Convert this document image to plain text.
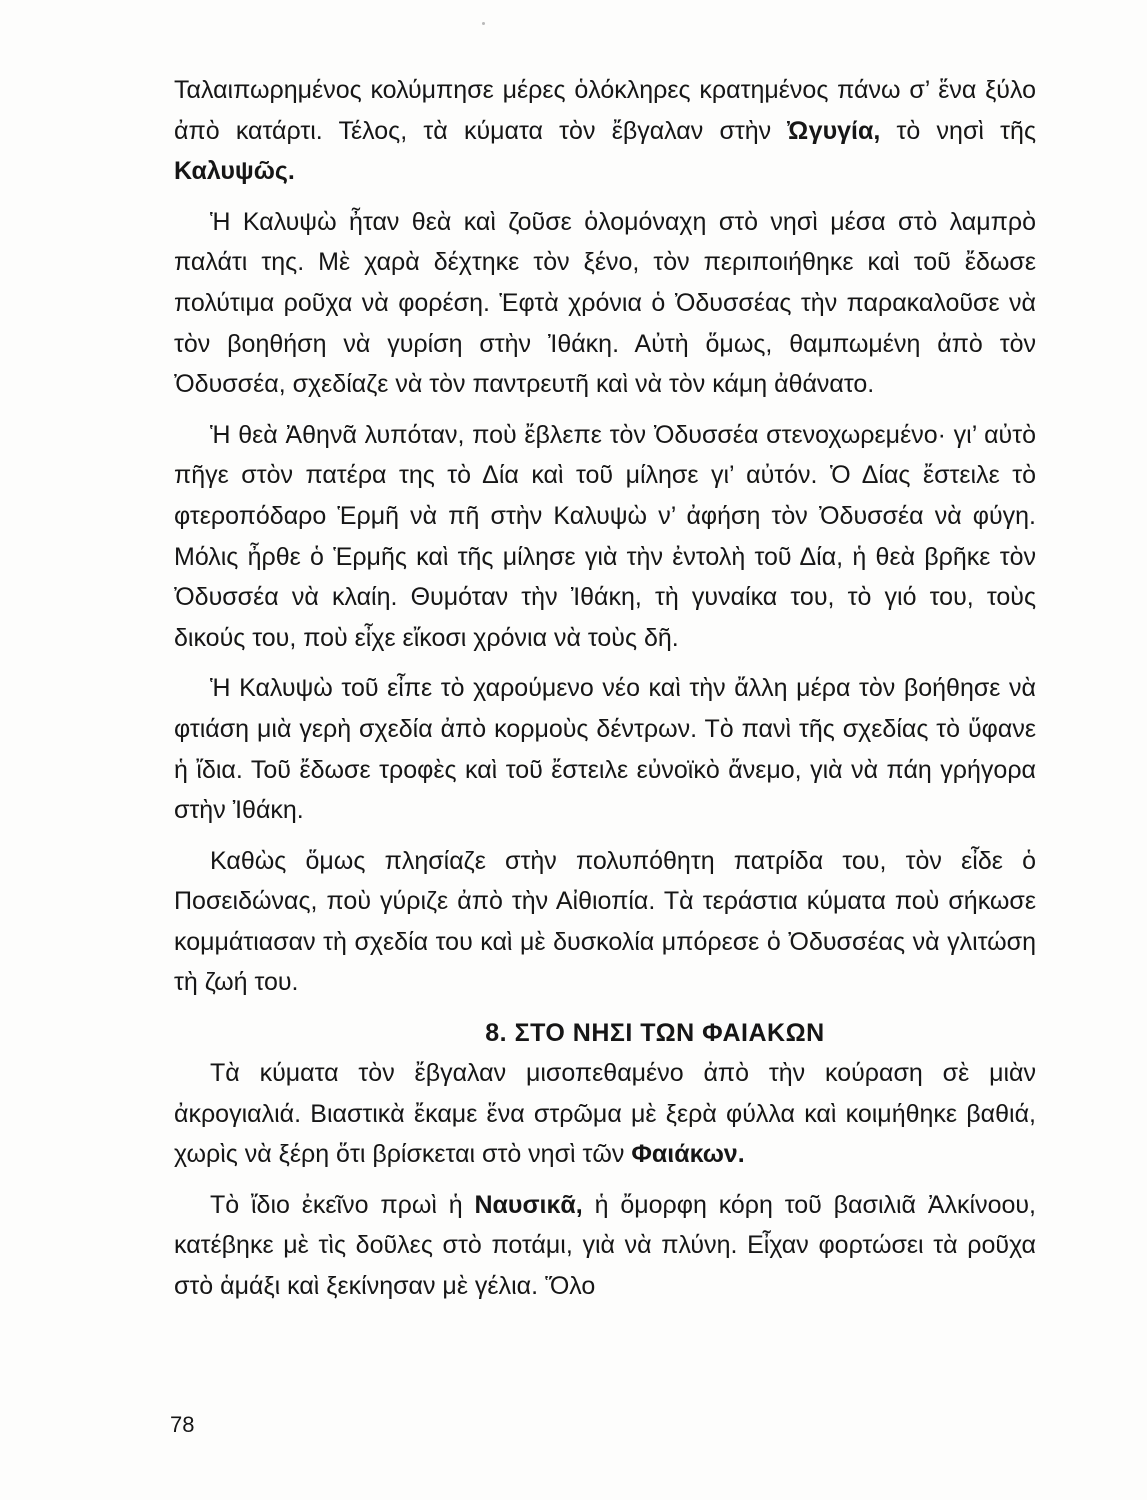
Ταλαιπωρημένος κολύμπησε μέρες ὁλόκληρες κρατημένος πάνω σ’ ἕνα ξύλο ἀπὸ κατάρτι. Τέλος, τὰ κύματα τὸν ἔβγαλαν στὴν Ὠγυγία, τὸ νησὶ τῆς Καλυψῶς.

Ἡ Καλυψὼ ἦταν θεὰ καὶ ζοῦσε ὁλομόναχη στὸ νησὶ μέσα στὸ λαμπρὸ παλάτι της. Μὲ χαρὰ δέχτηκε τὸν ξένο, τὸν περιποιήθηκε καὶ τοῦ ἔδωσε πολύτιμα ροῦχα νὰ φορέση. Ἑφτὰ χρόνια ὁ Ὀδυσσέας τὴν παρακαλοῦσε νὰ τὸν βοηθήση νὰ γυρίση στὴν Ἰθάκη. Αὐτὴ ὅμως, θαμπωμένη ἀπὸ τὸν Ὀδυσσέα, σχεδίαζε νὰ τὸν παντρευτῆ καὶ νὰ τὸν κάμη ἀθάνατο.

Ἡ θεὰ Ἀθηνᾶ λυπόταν, ποὺ ἔβλεπε τὸν Ὀδυσσέα στενοχωρεμένο· γι’ αὐτὸ πῆγε στὸν πατέρα της τὸ Δία καὶ τοῦ μίλησε γι’ αὐτόν. Ὁ Δίας ἔστειλε τὸ φτεροπόδαρο Ἑρμῆ νὰ πῆ στὴν Καλυψὼ ν’ ἀφήση τὸν Ὀδυσσέα νὰ φύγη. Μόλις ἦρθε ὁ Ἑρμῆς καὶ τῆς μίλησε γιὰ τὴν ἐντολὴ τοῦ Δία, ἡ θεὰ βρῆκε τὸν Ὀδυσσέα νὰ κλαίη. Θυμόταν τὴν Ἰθάκη, τὴ γυναίκα του, τὸ γιό του, τοὺς δικούς του, ποὺ εἶχε εἴκοσι χρόνια νὰ τοὺς δῆ.

Ἡ Καλυψὼ τοῦ εἶπε τὸ χαρούμενο νέο καὶ τὴν ἄλλη μέρα τὸν βοήθησε νὰ φτιάση μιὰ γερὴ σχεδία ἀπὸ κορμοὺς δέντρων. Τὸ πανὶ τῆς σχεδίας τὸ ὕφανε ἡ ἴδια. Τοῦ ἔδωσε τροφὲς καὶ τοῦ ἔστειλε εὐνοϊκὸ ἄνεμο, γιὰ νὰ πάη γρήγορα στὴν Ἰθάκη.

Καθὼς ὅμως πλησίαζε στὴν πολυπόθητη πατρίδα του, τὸν εἶδε ὁ Ποσειδώνας, ποὺ γύριζε ἀπὸ τὴν Αἰθιοπία. Τὰ τεράστια κύματα ποὺ σήκωσε κομμάτιασαν τὴ σχεδία του καὶ μὲ δυσκολία μπόρεσε ὁ Ὀδυσσέας νὰ γλιτώση τὴ ζωή του.

8. ΣΤΟ ΝΗΣΙ ΤΩΝ ΦΑΙΑΚΩΝ

Τὰ κύματα τὸν ἔβγαλαν μισοπεθαμένο ἀπὸ τὴν κούραση σὲ μιὰν ἀκρογιαλιά. Βιαστικὰ ἔκαμε ἕνα στρῶμα μὲ ξερὰ φύλλα καὶ κοιμήθηκε βαθιά, χωρὶς νὰ ξέρη ὅτι βρίσκεται στὸ νησὶ τῶν Φαιάκων.

Τὸ ἴδιο ἐκεῖνο πρωὶ ἡ Ναυσικᾶ, ἡ ὄμορφη κόρη τοῦ βασιλιᾶ Ἀλκίνοου, κατέβηκε μὲ τὶς δοῦλες στὸ ποτάμι, γιὰ νὰ πλύνη. Εἶχαν φορτώσει τὰ ροῦχα στὸ ἁμάξι καὶ ξεκίνησαν μὲ γέλια. Ὅλο

78
